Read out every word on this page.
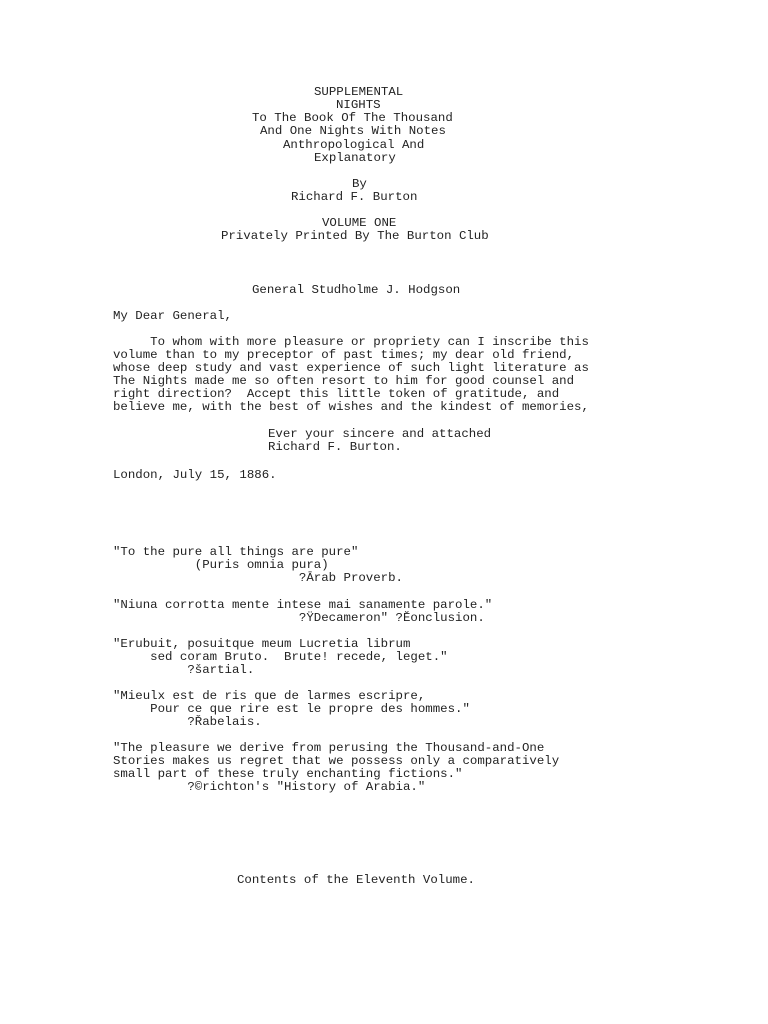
SUPPLEMENTAL
NIGHTS
To The Book Of The Thousand
And One Nights With Notes
Anthropological And
Explanatory
By
Richard F. Burton
VOLUME ONE
Privately Printed By The Burton Club
General Studholme J. Hodgson
My Dear General,
To whom with more pleasure or propriety can I inscribe this
volume than to my preceptor of past times; my dear old friend,
whose deep study and vast experience of such light literature as
The Nights made me so often resort to him for good counsel and
right direction?  Accept this little token of gratitude, and
believe me, with the best of wishes and the kindest of memories,
Ever your sincere and attached
Richard F. Burton.
London, July 15, 1886.
"To the pure all things are pure"
(Puris omnia pura)
?Ārab Proverb.
"Niuna corrotta mente intese mai sanamente parole."
?ŸDecameron" ?Ĕonclusion.
"Erubuit, posuitque meum Lucretia librum
sed coram Bruto.  Brute! recede, leget."
?šartial.
"Mieulx est de ris que de larmes escripre,
Pour ce que rire est le propre des hommes."
?Řabelais.
"The pleasure we derive from perusing the Thousand-and-One
Stories makes us regret that we possess only a comparatively
small part of these truly enchanting fictions."
?©richton's "History of Arabia."
Contents of the Eleventh Volume.
